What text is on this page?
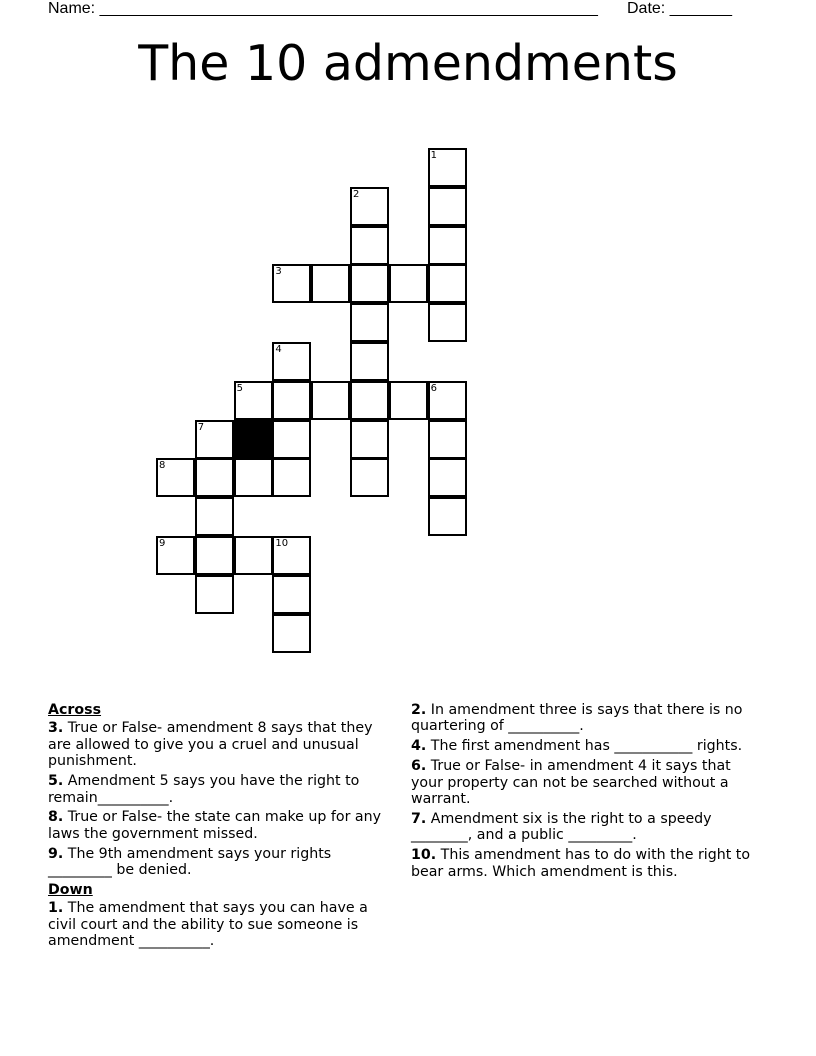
Name: ________________________________________________________ Date: _______
The 10 admendments
1
2
3
4
5	6
7
8
9	10
Across
3. True or False- amendment 8 says that they are allowed to give you a cruel and unusual punishment.
5. Amendment 5 says you have the right to remain__________.
8. True or False- the state can make up for any laws the government missed.
9. The 9th amendment says your rights _________ be denied.
Down
1. The amendment that says you can have a civil court and the ability to sue someone is amendment __________.
2. In amendment three is says that there is no quartering of __________.
4. The first amendment has ___________ rights.
6. True or False- in amendment 4 it says that your property can not be searched without a warrant.
7. Amendment six is the right to a speedy ________, and a public _________.
10. This amendment has to do with the right to bear arms. Which amendment is this.
